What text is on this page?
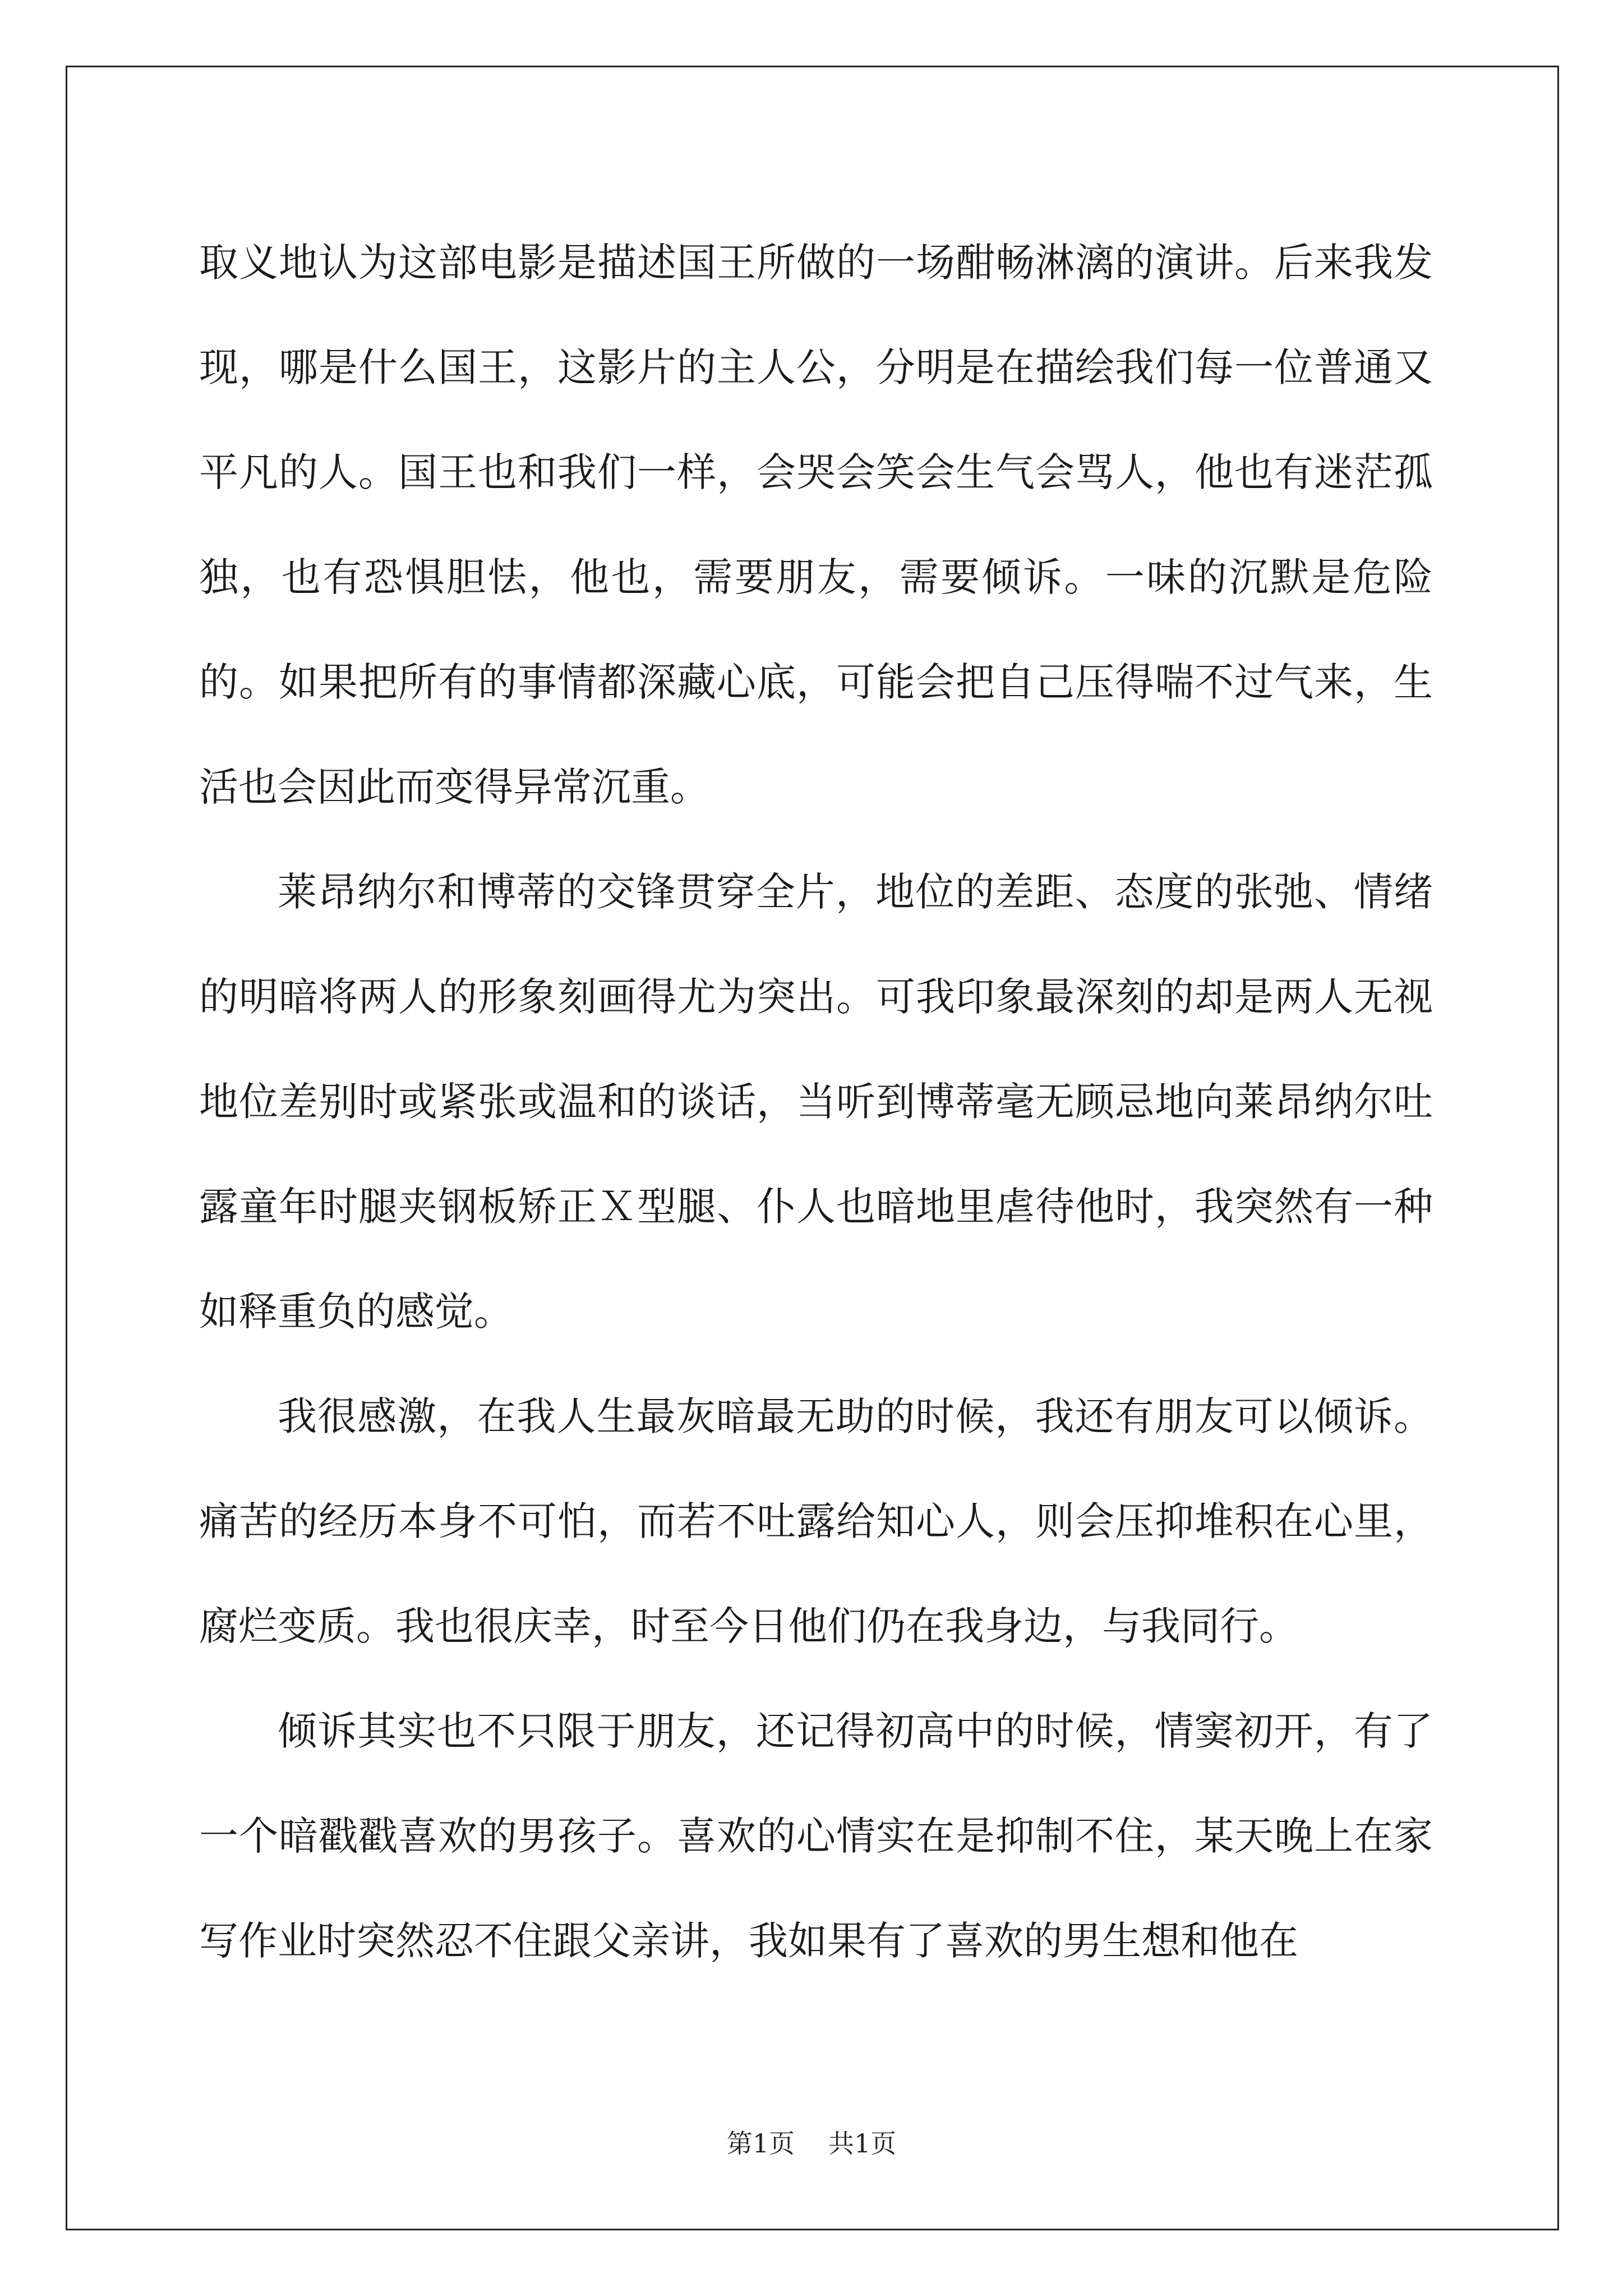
取义地认为这部电影是描述国王所做的一场酣畅淋漓的演讲。后来我发现，哪是什么国王，这影片的主人公，分明是在描绘我们每一位普通又平凡的人。国王也和我们一样，会哭会笑会生气会骂人，他也有迷茫孤独，也有恐惧胆怯，他也，需要朋友，需要倾诉。一味的沉默是危险的。如果把所有的事情都深藏心底，可能会把自己压得喘不过气来，生活也会因此而变得异常沉重。

莱昂纳尔和博蒂的交锋贯穿全片，地位的差距、态度的张弛、情绪的明暗将两人的形象刻画得尤为突出。可我印象最深刻的却是两人无视地位差别时或紧张或温和的谈话，当听到博蒂毫无顾忌地向莱昂纳尔吐露童年时腿夹钢板矫正Ｘ型腿、仆人也暗地里虐待他时，我突然有一种如释重负的感觉。

我很感激，在我人生最灰暗最无助的时候，我还有朋友可以倾诉。痛苦的经历本身不可怕，而若不吐露给知心人，则会压抑堆积在心里，腐烂变质。我也很庆幸，时至今日他们仍在我身边，与我同行。

倾诉其实也不只限于朋友，还记得初高中的时候，情窦初开，有了一个暗戳戳喜欢的男孩子。喜欢的心情实在是抑制不住，某天晚上在家写作业时突然忍不住跟父亲讲，我如果有了喜欢的男生想和他在

第1页 共1页
